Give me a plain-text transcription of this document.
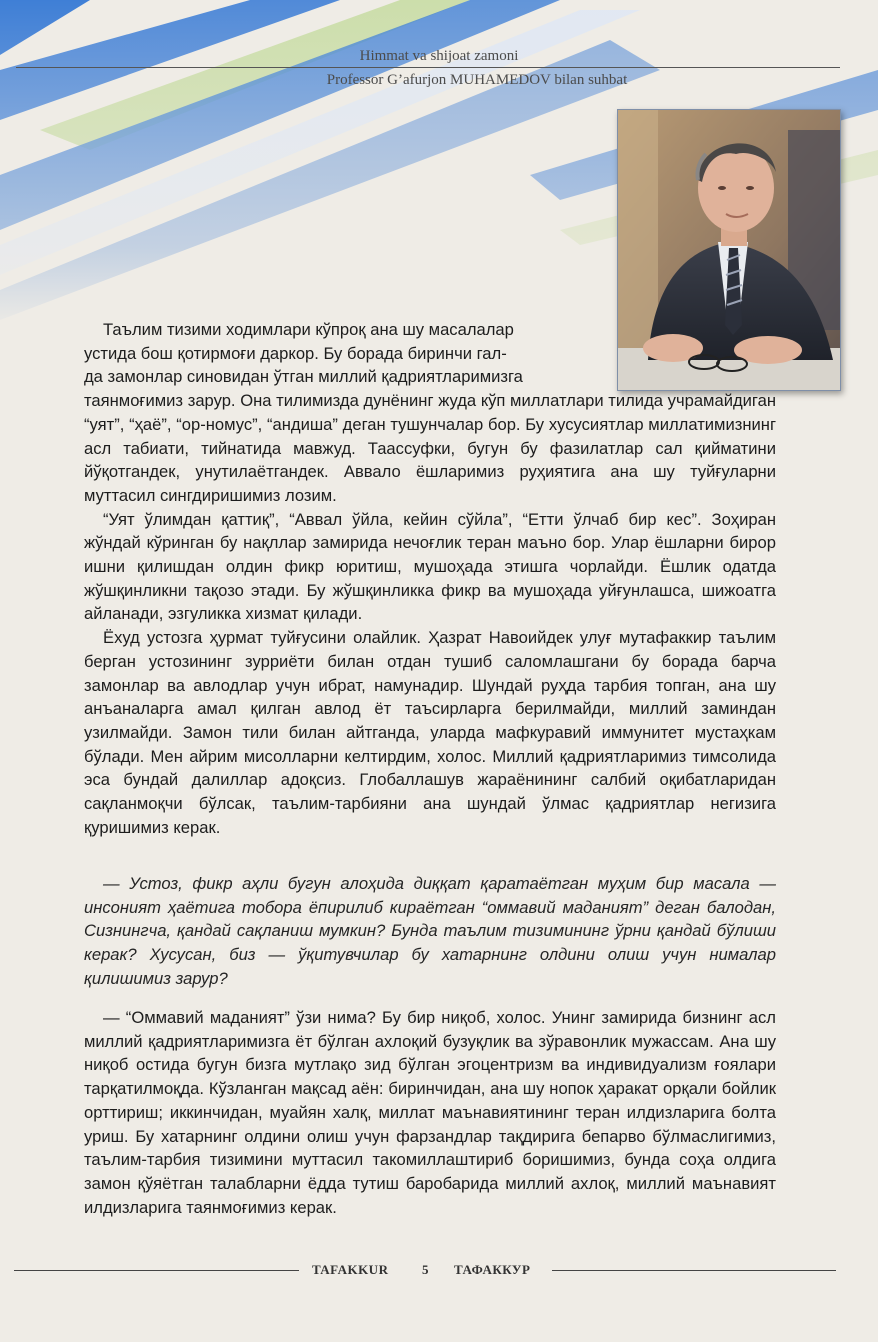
Himmat va shijoat zamoni
Professor G’afurjon MUHAMEDOV bilan suhbat

Таълим тизими ходимлари кўпроқ ана шу масалалар
устида бош қотирмоғи даркор. Бу борада биринчи гал-
да замонлар синовидан ўтган миллий қадриятларимизга
таянмоғимиз зарур. Она тилимизда дунёнинг жуда кўп миллатлари тилида учрамайдиган “уят”, “ҳаё”, “ор-номус”, “андиша” деган тушунчалар бор. Бу хусусиятлар миллатимизнинг асл табиати, тийнатида мавжуд. Таассуфки, бугун бу фазилатлар сал қийматини йўқотгандек, унутилаётгандек. Аввало ёшларимиз руҳиятига ана шу туйғуларни муттасил сингдиришимиз лозим.

“Уят ўлимдан қаттиқ”, “Аввал ўйла, кейин сўйла”, “Етти ўлчаб бир кес”. Зоҳиран жўндай кўринган бу нақллар замирида нечоғлик теран маъно бор. Улар ёшларни бирор ишни қилишдан олдин фикр юритиш, мушоҳада этишга чорлайди. Ёшлик одатда жўшқинликни тақозо этади. Бу жўшқинликка фикр ва мушоҳада уйғунлашса, шижоатга айланади, эзгуликка хизмат қилади.

Ёхуд устозга ҳурмат туйғусини олайлик. Ҳазрат Навоийдек улуғ мутафаккир таълим берган устозининг зурриёти билан отдан тушиб саломлашгани бу борада барча замонлар ва авлодлар учун ибрат, намунадир. Шундай руҳда тарбия топган, ана шу анъаналарга амал қилган авлод ёт таъсирларга берилмайди, миллий заминдан узилмайди. Замон тили билан айтганда, уларда мафкуравий иммунитет мустаҳкам бўлади. Мен айрим мисолларни келтирдим, холос. Миллий қадриятларимиз тимсолида эса бундай далиллар адоқсиз. Глобаллашув жараёнининг салбий оқибатларидан сақланмоқчи бўлсак, таълим-тарбияни ана шундай ўлмас қадриятлар негизига қуришимиз керак.

— Устоз, фикр аҳли бугун алоҳида диққат қаратаётган муҳим бир масала — инсоният ҳаётига тобора ёпирилиб кираётган “оммавий маданият” деган балодан, Сизнингча, қандай сақланиш мумкин? Бунда таълим тизимининг ўрни қандай бўлиши керак? Хусусан, биз — ўқитувчилар бу хатарнинг олдини олиш учун нималар қилишимиз зарур?

— “Оммавий маданият” ўзи нима? Бу бир ниқоб, холос. Унинг замирида бизнинг асл миллий қадриятларимизга ёт бўлган ахлоқий бузуқлик ва зўравонлик мужассам. Ана шу ниқоб остида бугун бизга мутлақо зид бўлган эгоцентризм ва индивидуализм ғоялари тарқатилмоқда. Кўзланган мақсад аён: биринчидан, ана шу нопок ҳаракат орқали бойлик орттириш; иккинчидан, муайян халқ, миллат маънавиятининг теран илдизларига болта уриш. Бу хатарнинг олдини олиш учун фарзандлар тақдирига бепарво бўлмаслигимиз, таълим-тарбия тизимини муттасил такомиллаштириб боришимиз, бунда соҳа олдига замон қўяётган талабларни ёдда тутиш баробарида миллий ахлоқ, миллий маънавият илдизларига таянмоғимиз керак.

TAFAKKUR	5 ТАФАККУР
